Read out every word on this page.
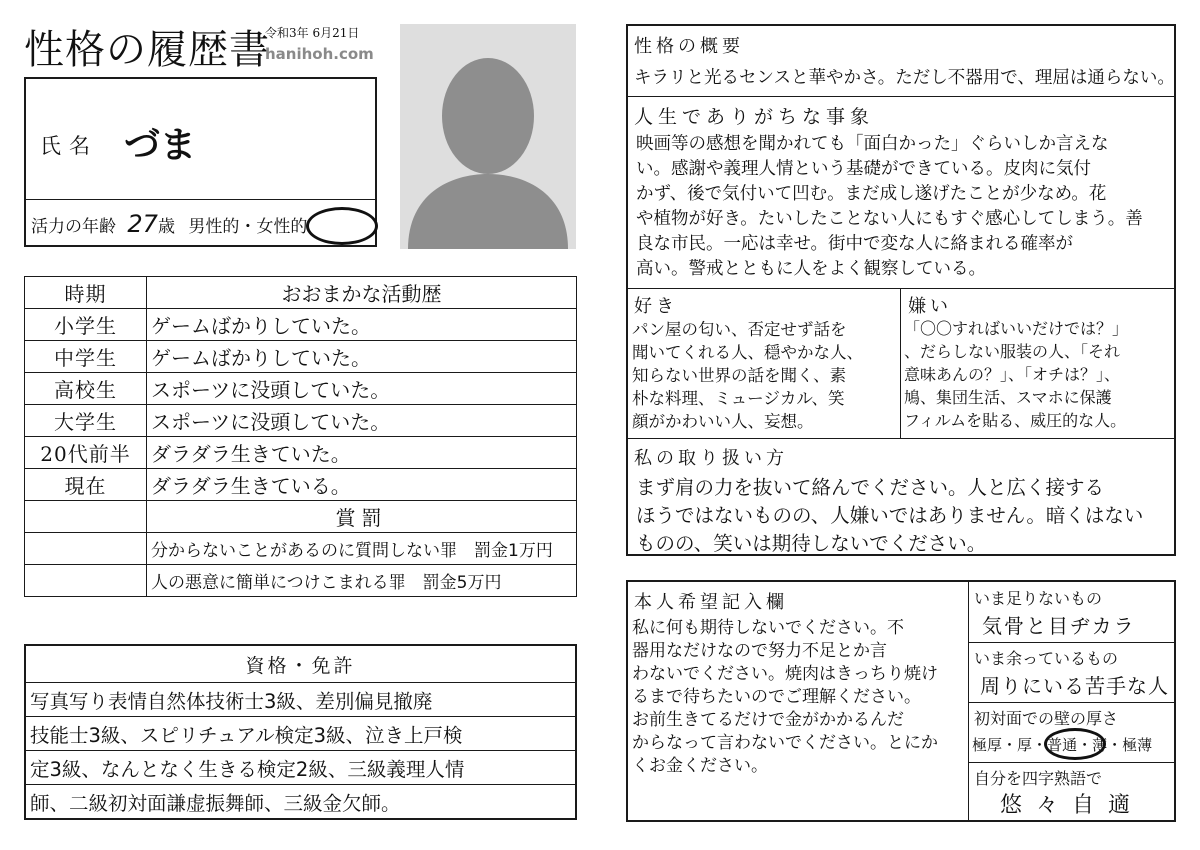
性格の履歴書
令和3年 6月21日
hanihoh.com
氏名 づま
活力の年齢 27歳 男性的・女性的
時期	おおまかな活動歴
小学生	ゲームばかりしていた。
中学生	ゲームばかりしていた。
高校生	スポーツに没頭していた。
大学生	スポーツに没頭していた。
20代前半	ダラダラ生きていた。
現在	ダラダラ生きている。
	賞罰
	分からないことがあるのに質問しない罪　罰金1万円
	人の悪意に簡単につけこまれる罪　罰金5万円
資格・免許
写真写り表情自然体技術士3級、差別偏見撤廃
技能士3級、スピリチュアル検定3級、泣き上戸検
定3級、なんとなく生きる検定2級、三級義理人情
師、二級初対面謙虚振舞師、三級金欠師。
性格の概要
キラリと光るセンスと華やかさ。ただし不器用で、理屈は通らない。
人生でありがちな事象
映画等の感想を聞かれても「面白かった」ぐらいしか言えな
い。感謝や義理人情という基礎ができている。皮肉に気付
かず、後で気付いて凹む。まだ成し遂げたことが少なめ。花
や植物が好き。たいしたことない人にもすぐ感心してしまう。善
良な市民。一応は幸せ。街中で変な人に絡まれる確率が
高い。警戒とともに人をよく観察している。
好き
パン屋の匂い、否定せず話を
聞いてくれる人、穏やかな人、
知らない世界の話を聞く、素
朴な料理、ミュージカル、笑
顔がかわいい人、妄想。
嫌い
「〇〇すればいいだけでは？」
、だらしない服装の人、「それ
意味あんの？」、「オチは？」、
鳩、集団生活、スマホに保護
フィルムを貼る、威圧的な人。
私の取り扱い方
まず肩の力を抜いて絡んでください。人と広く接する
ほうではないものの、人嫌いではありません。暗くはない
ものの、笑いは期待しないでください。
本人希望記入欄
私に何も期待しないでください。不
器用なだけなので努力不足とか言
わないでください。焼肉はきっちり焼け
るまで待ちたいのでご理解ください。
お前生きてるだけで金がかかるんだ
からなって言わないでください。とにか
くお金ください。
いま足りないもの
気骨と目ヂカラ
いま余っているもの
周りにいる苦手な人
初対面での壁の厚さ
極厚・厚・普通・薄・極薄
自分を四字熟語で
悠々自適
